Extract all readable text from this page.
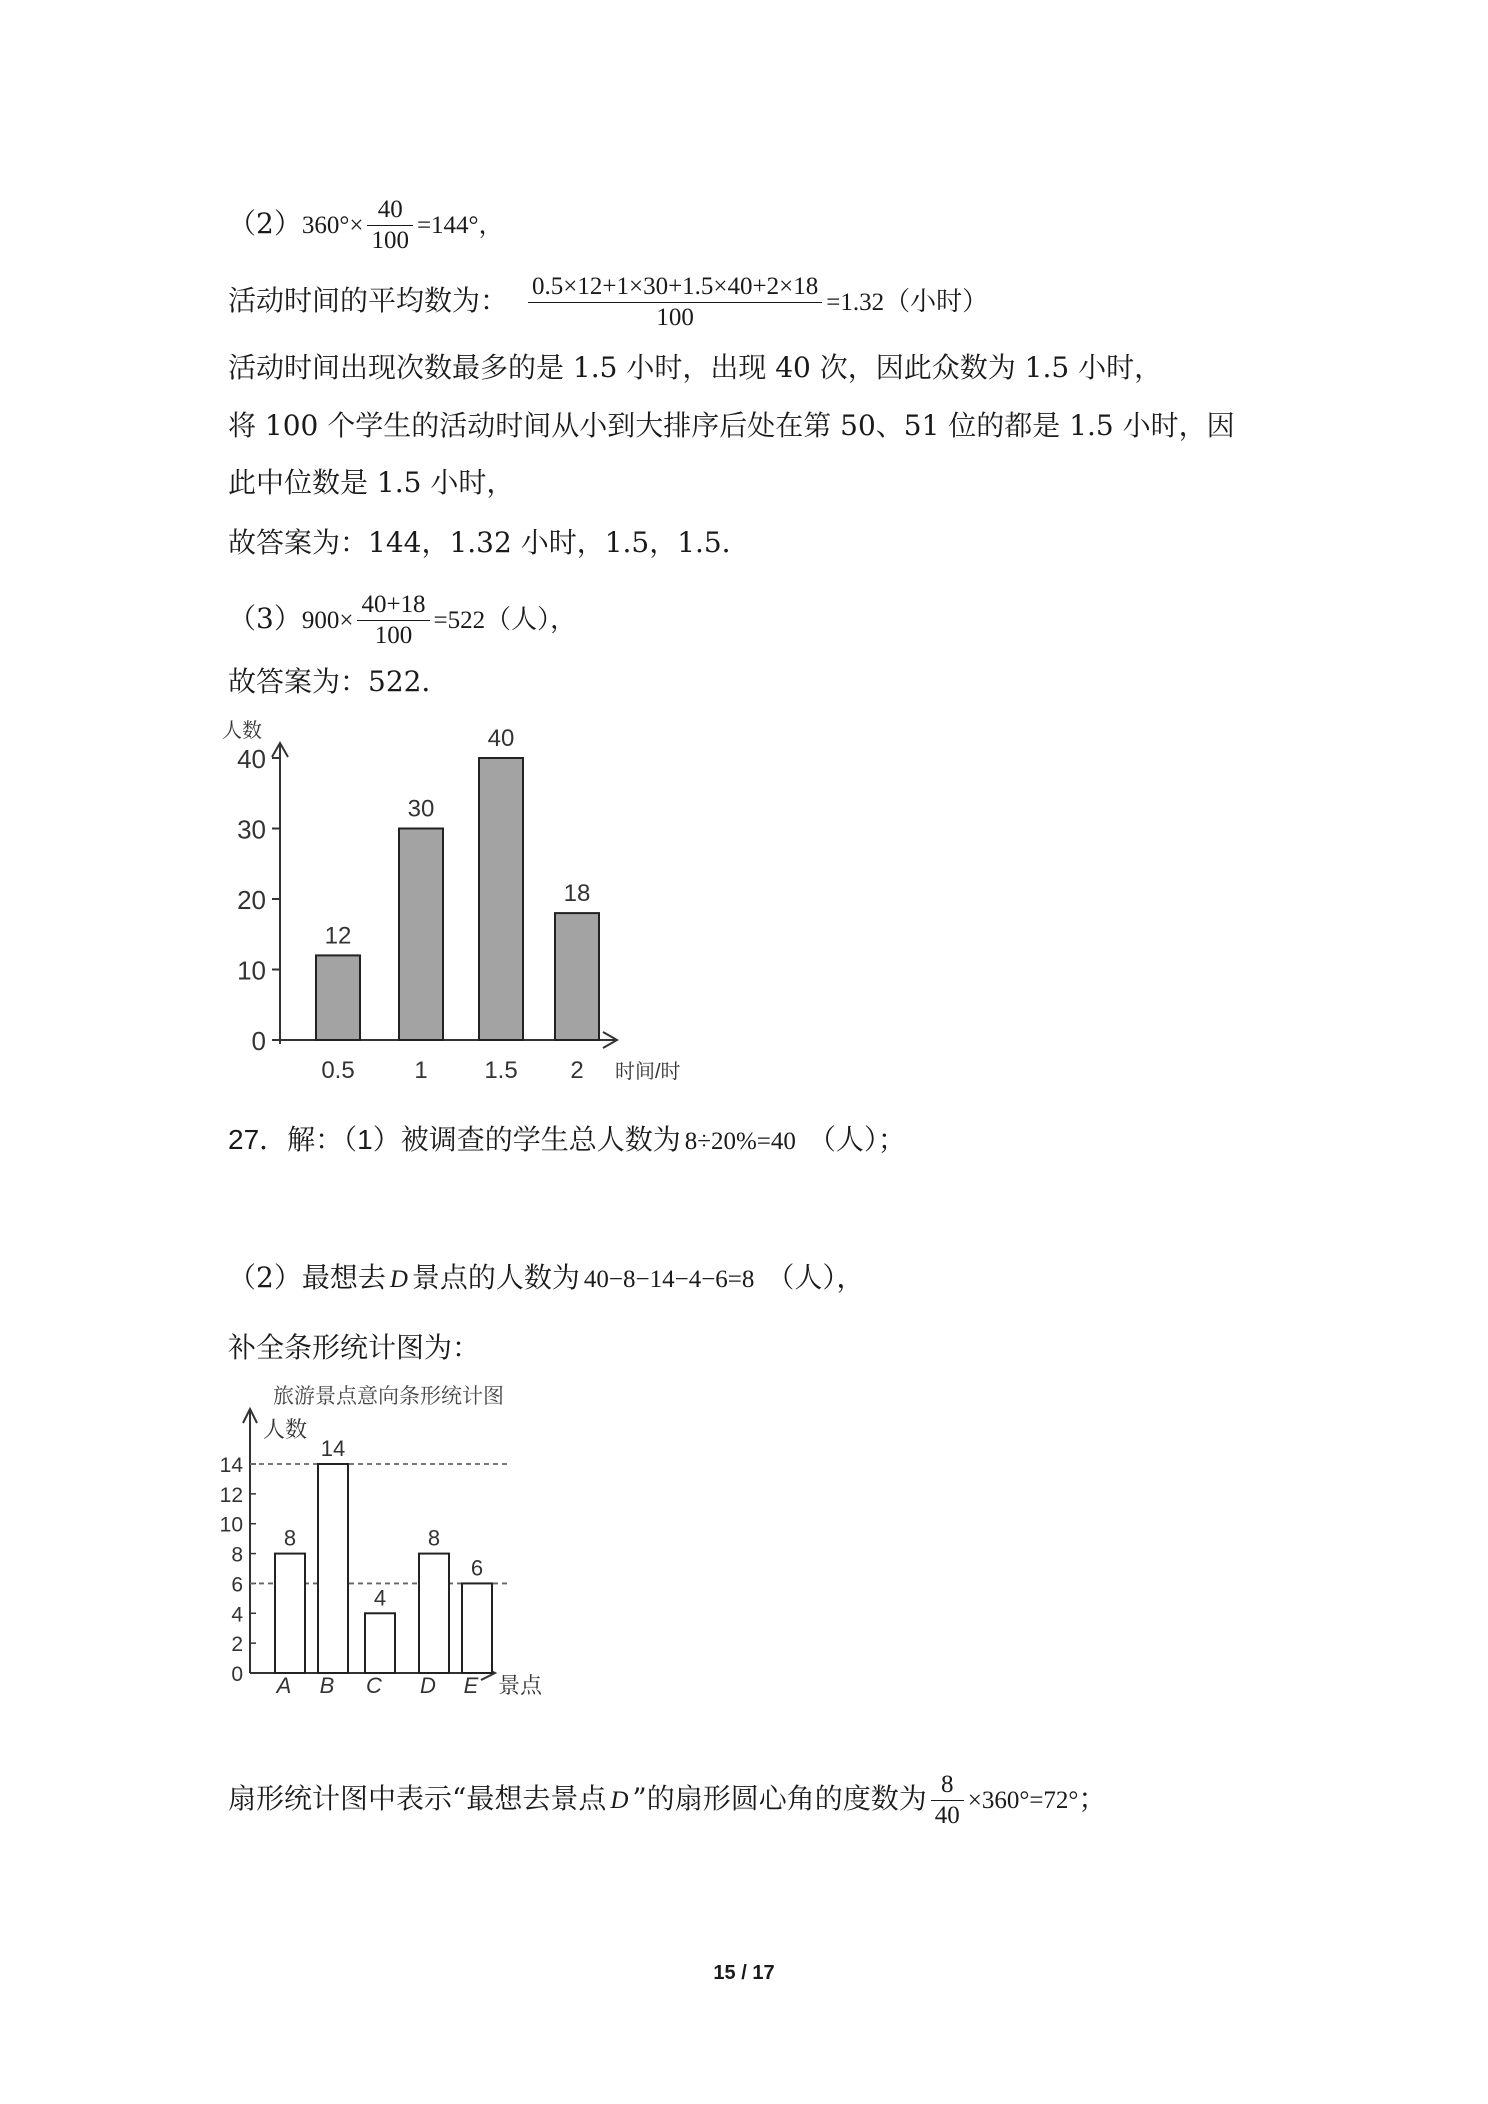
$(2)360^\circ\times \frac{40}{100} =144^\circ$，
活动时间的平均数为： $\frac{0.5\times 12+1\times 30+1.5\times 40+2\times 18}{100} =1.32$（小时）
活动时间出现次数最多的是 1.5 小时，出现 40 次，因此众数为 1.5 小时，
将 100 个学生的活动时间从小到大排序后处在第 50、51 位的都是 1.5 小时，因
此中位数是 1.5 小时，
故答案为：144，1.32 小时，1.5，1.5．
$(3)900\times \frac{40+18}{100} =522$（人），
故答案为：522．
人数
时间/时
0
10
20
30
40
12
0.5
30
1
40
1.5
18
2
27．解：（1）被调查的学生总人数为 8÷20%=40 （人）；
（2）最想去 D 景点的人数为 40−8−14−4−6=8 （人），
补全条形统计图为：
旅游景点意向条形统计图
人数
景点
0
2
4
6
8
10
12
14
8
A
14
B
4
C
8
D
6
E
扇形统计图中表示“最想去景点 D ”的扇形圆心角的度数为 $\frac{8}{40} \times 360^\circ=72^\circ$；
15 / 17
